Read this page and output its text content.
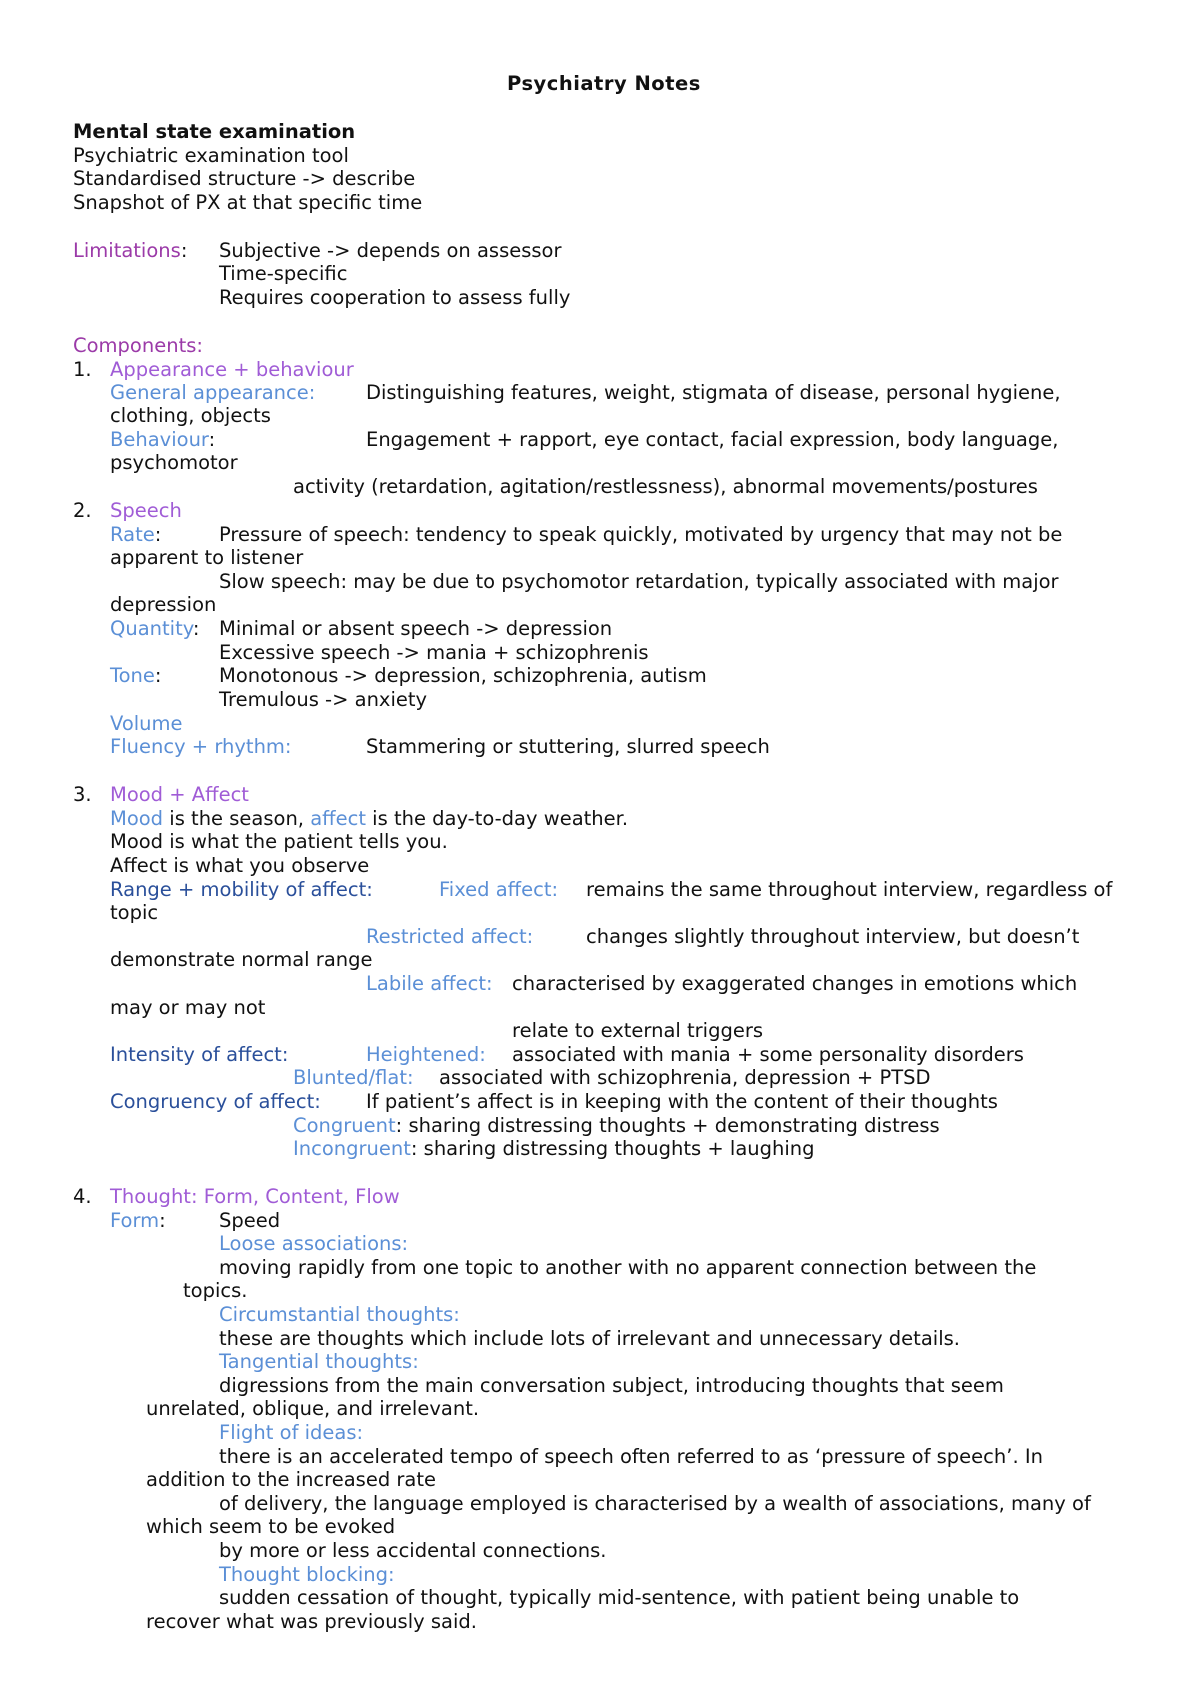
Psychiatry Notes
Mental state examination
Psychiatric examination tool
Standardised structure -> describe
Snapshot of PX at that specific time
Limitations: Subjective -> depends on assessor
Time-specific
Requires cooperation to assess fully
Components:
1. Appearance + behaviour
General appearance:	Distinguishing features, weight, stigmata of disease, personal hygiene,
clothing, objects
Behaviour:	Engagement + rapport, eye contact, facial expression, body language,
psychomotor
activity (retardation, agitation/restlessness), abnormal movements/postures
2. Speech
Rate:	Pressure of speech: tendency to speak quickly, motivated by urgency that may not be
apparent to listener
Slow speech: may be due to psychomotor retardation, typically associated with major
depression
Quantity: Minimal or absent speech -> depression
Excessive speech -> mania + schizophrenis
Tone:	Monotonous -> depression, schizophrenia, autism
Tremulous -> anxiety
Volume
Fluency + rhythm:	Stammering or stuttering, slurred speech
3. Mood + Affect
Mood is the season, affect is the day-to-day weather.
Mood is what the patient tells you.
Affect is what you observe
Range + mobility of affect:	Fixed affect: remains the same throughout interview, regardless of
topic
Restricted affect:	changes slightly throughout interview, but doesn’t
demonstrate normal range
Labile affect: characterised by exaggerated changes in emotions which
may or may not
relate to external triggers
Intensity of affect:	Heightened: associated with mania + some personality disorders
Blunted/flat: associated with schizophrenia, depression + PTSD
Congruency of affect: If patient’s affect is in keeping with the content of their thoughts
Congruent: sharing distressing thoughts + demonstrating distress
Incongruent: sharing distressing thoughts + laughing
4. Thought: Form, Content, Flow
Form:	Speed
Loose associations:
moving rapidly from one topic to another with no apparent connection between the
topics.
Circumstantial thoughts:
these are thoughts which include lots of irrelevant and unnecessary details.
Tangential thoughts:
digressions from the main conversation subject, introducing thoughts that seem
unrelated, oblique, and irrelevant.
Flight of ideas:
there is an accelerated tempo of speech often referred to as ‘pressure of speech’. In
addition to the increased rate
of delivery, the language employed is characterised by a wealth of associations, many of
which seem to be evoked
by more or less accidental connections.
Thought blocking:
sudden cessation of thought, typically mid-sentence, with patient being unable to
recover what was previously said.
